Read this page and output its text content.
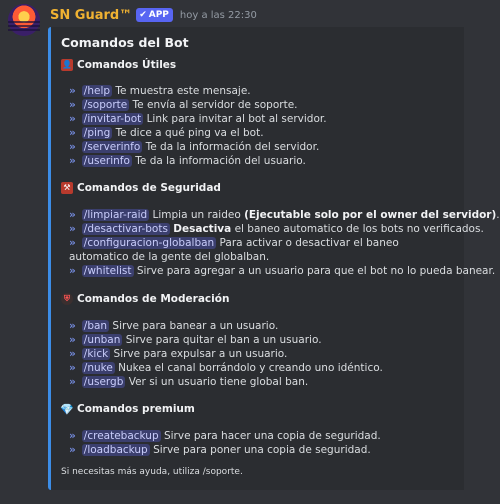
SN Guard™ ✔ APP hoy a las 22:30
Comandos del Bot
👤 Comandos Útiles
» /help Te muestra este mensaje.
» /soporte Te envía al servidor de soporte.
» /invitar-bot Link para invitar al bot al servidor.
» /ping Te dice a qué ping va el bot.
» /serverinfo Te da la información del servidor.
» /userinfo Te da la información del usuario.
⚒ Comandos de Seguridad
» /limpiar-raid Limpia un raideo (Ejecutable solo por el owner del servidor).
» /desactivar-bots Desactiva el baneo automatico de los bots no verificados.
» /configuracion-globalban Para activar o desactivar el baneo automatico de la gente del globalban.
» /whitelist Sirve para agregar a un usuario para que el bot no lo pueda banear.
⛨ Comandos de Moderación
» /ban Sirve para banear a un usuario.
» /unban Sirve para quitar el ban a un usuario.
» /kick Sirve para expulsar a un usuario.
» /nuke Nukea el canal borrándolo y creando uno idéntico.
» /usergb Ver si un usuario tiene global ban.
💎 Comandos premium
» /createbackup Sirve para hacer una copia de seguridad.
» /loadbackup Sirve para poner una copia de seguridad.
Si necesitas más ayuda, utiliza /soporte.
